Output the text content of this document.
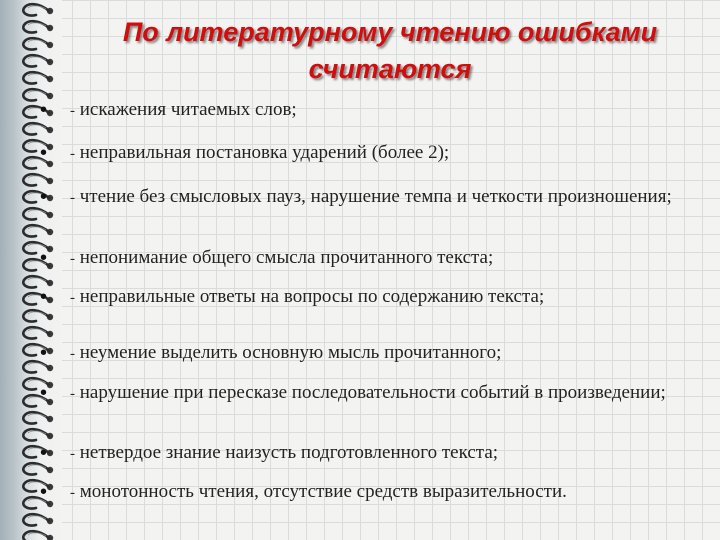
По литературному чтению ошибками
считаются
• - искажения читаемых слов;
• - неправильная постановка ударений (более 2);
• - чтение без смысловых пауз, нарушение темпа и четкости произношения;
• - непонимание общего смысла прочитанного текста;
• - неправильные ответы на вопросы по содержанию текста;
• - неумение выделить основную мысль прочитанного;
• - нарушение при пересказе последовательности событий в произведении;
• - нетвердое знание наизусть подготовленного текста;
• - монотонность чтения, отсутствие средств выразительности.
